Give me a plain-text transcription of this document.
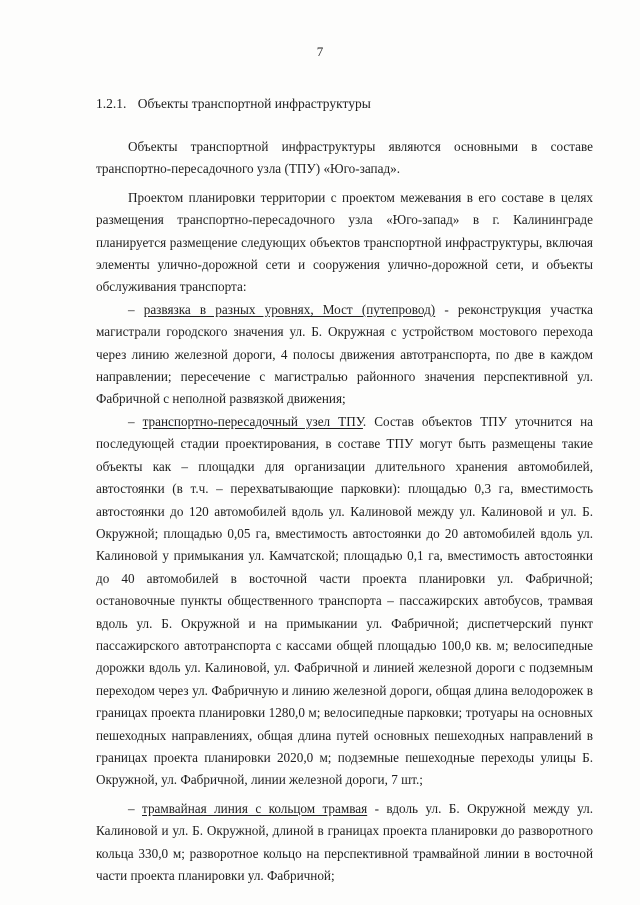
7
1.2.1. Объекты транспортной инфраструктуры

Объекты транспортной инфраструктуры являются основными в составе транспортно-пересадочного узла (ТПУ) «Юго-запад».

Проектом планировки территории с проектом межевания в его составе в целях размещения транспортно-пересадочного узла «Юго-запад» в г. Калининграде планируется размещение следующих объектов транспортной инфраструктуры, включая элементы улично-дорожной сети и сооружения улично-дорожной сети, и объекты обслуживания транспорта:

– развязка в разных уровнях, Мост (путепровод) - реконструкция участка магистрали городского значения ул. Б. Окружная с устройством мостового перехода через линию железной дороги, 4 полосы движения автотранспорта, по две в каждом направлении; пересечение с магистралью районного значения перспективной ул. Фабричной с неполной развязкой движения;

– транспортно-пересадочный узел ТПУ. Состав объектов ТПУ уточнится на последующей стадии проектирования, в составе ТПУ могут быть размещены такие объекты как – площадки для организации длительного хранения автомобилей, автостоянки (в т.ч. – перехватывающие парковки): площадью 0,3 га, вместимость автостоянки до 120 автомобилей вдоль ул. Калиновой между ул. Калиновой и ул. Б. Окружной; площадью 0,05 га, вместимость автостоянки до 20 автомобилей вдоль ул. Калиновой у примыкания ул. Камчатской; площадью 0,1 га, вместимость автостоянки до 40 автомобилей в восточной части проекта планировки ул. Фабричной; остановочные пункты общественного транспорта – пассажирских автобусов, трамвая вдоль ул. Б. Окружной и на примыкании ул. Фабричной; диспетчерский пункт пассажирского автотранспорта с кассами общей площадью 100,0 кв. м; велосипедные дорожки вдоль ул. Калиновой, ул. Фабричной и линией железной дороги с подземным переходом через ул. Фабричную и линию железной дороги, общая длина велодорожек в границах проекта планировки 1280,0 м; велосипедные парковки; тротуары на основных пешеходных направлениях, общая длина путей основных пешеходных направлений в границах проекта планировки 2020,0 м; подземные пешеходные переходы улицы Б. Окружной, ул. Фабричной, линии железной дороги, 7 шт.;

– трамвайная линия с кольцом трамвая - вдоль ул. Б. Окружной между ул. Калиновой и ул. Б. Окружной, длиной в границах проекта планировки до разворотного кольца 330,0 м; разворотное кольцо на перспективной трамвайной линии в восточной части проекта планировки ул. Фабричной;
